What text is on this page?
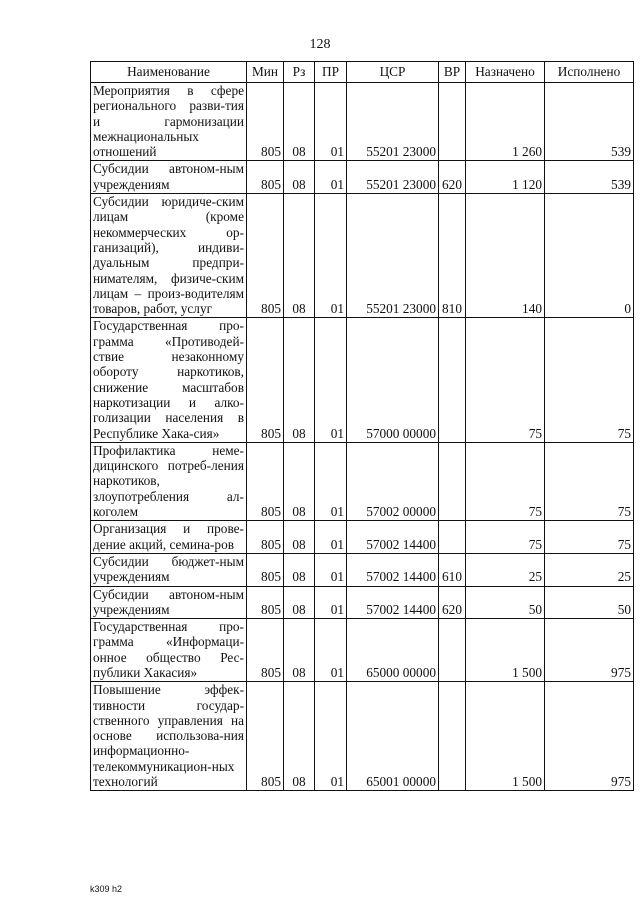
128
Наименование	Мин	Рз	ПР	ЦСР	ВР	Назначено	Исполнено
Мероприятия в сфере регионального разви-тия и гармонизации межнациональных отношений	805	08	01	55201 23000		1 260	539
Субсидии автоном-ным учреждениям	805	08	01	55201 23000	620	1 120	539
Субсидии юридиче-ским лицам (кроме некоммерческих ор-ганизаций), индиви-дуальным предпри-нимателям, физиче-ским лицам – произ-водителям товаров, работ, услуг	805	08	01	55201 23000	810	140	0
Государственная про-грамма «Противодей-ствие незаконному обороту наркотиков, снижение масштабов наркотизации и алко-голизации населения в Республике Хака-сия»	805	08	01	57000 00000		75	75
Профилактика неме-дицинского потреб-ления наркотиков, злоупотребления ал-коголем	805	08	01	57002 00000		75	75
Организация и прове-дение акций, семина-ров	805	08	01	57002 14400		75	75
Субсидии бюджет-ным учреждениям	805	08	01	57002 14400	610	25	25
Субсидии автоном-ным учреждениям	805	08	01	57002 14400	620	50	50
Государственная про-грамма «Информаци-онное общество Рес-публики Хакасия»	805	08	01	65000 00000		1 500	975
Повышение эффек-тивности государ-ственного управления на основе использова-ния информационно-телекоммуникацион-ных технологий	805	08	01	65001 00000		1 500	975
k309 h2
